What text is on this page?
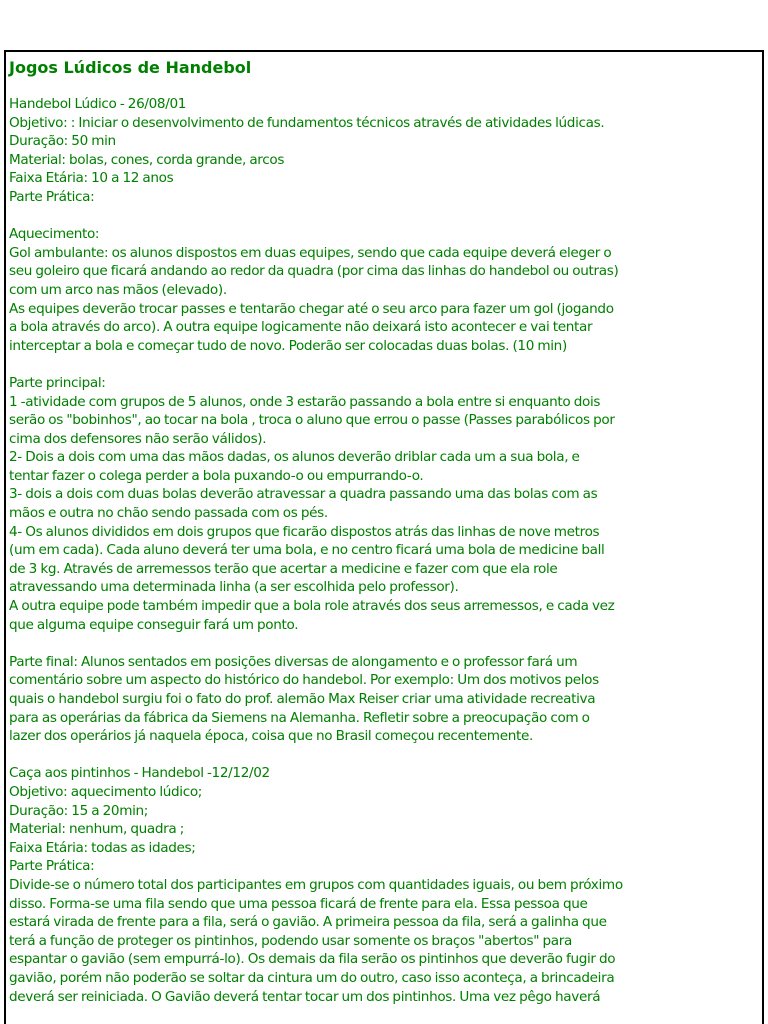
Jogos Lúdicos de Handebol
Handebol Lúdico - 26/08/01
Objetivo: : Iniciar o desenvolvimento de fundamentos técnicos através de atividades lúdicas.
Duração: 50 min
Material: bolas, cones, corda grande, arcos
Faixa Etária: 10 a 12 anos
Parte Prática:
Aquecimento:
Gol ambulante: os alunos dispostos em duas equipes, sendo que cada equipe deverá eleger o
seu goleiro que ficará andando ao redor da quadra (por cima das linhas do handebol ou outras)
com um arco nas mãos (elevado).
As equipes deverão trocar passes e tentarão chegar até o seu arco para fazer um gol (jogando
a bola através do arco). A outra equipe logicamente não deixará isto acontecer e vai tentar
interceptar a bola e começar tudo de novo. Poderão ser colocadas duas bolas. (10 min)
Parte principal:
1 -atividade com grupos de 5 alunos, onde 3 estarão passando a bola entre si enquanto dois
serão os "bobinhos", ao tocar na bola , troca o aluno que errou o passe (Passes parabólicos por
cima dos defensores não serão válidos).
2- Dois a dois com uma das mãos dadas, os alunos deverão driblar cada um a sua bola, e
tentar fazer o colega perder a bola puxando-o ou empurrando-o.
3- dois a dois com duas bolas deverão atravessar a quadra passando uma das bolas com as
mãos e outra no chão sendo passada com os pés.
4- Os alunos divididos em dois grupos que ficarão dispostos atrás das linhas de nove metros
(um em cada). Cada aluno deverá ter uma bola, e no centro ficará uma bola de medicine ball
de 3 kg. Através de arremessos terão que acertar a medicine e fazer com que ela role
atravessando uma determinada linha (a ser escolhida pelo professor).
A outra equipe pode também impedir que a bola role através dos seus arremessos, e cada vez
que alguma equipe conseguir fará um ponto.
Parte final: Alunos sentados em posições diversas de alongamento e o professor fará um
comentário sobre um aspecto do histórico do handebol. Por exemplo: Um dos motivos pelos
quais o handebol surgiu foi o fato do prof. alemão Max Reiser criar uma atividade recreativa
para as operárias da fábrica da Siemens na Alemanha. Refletir sobre a preocupação com o
lazer dos operários já naquela época, coisa que no Brasil começou recentemente.
Caça aos pintinhos - Handebol -12/12/02
Objetivo: aquecimento lúdico;
Duração: 15 a 20min;
Material: nenhum, quadra ;
Faixa Etária: todas as idades;
Parte Prática:
Divide-se o número total dos participantes em grupos com quantidades iguais, ou bem próximo
disso. Forma-se uma fila sendo que uma pessoa ficará de frente para ela. Essa pessoa que
estará virada de frente para a fila, será o gavião. A primeira pessoa da fila, será a galinha que
terá a função de proteger os pintinhos, podendo usar somente os braços "abertos" para
espantar o gavião (sem empurrá-lo). Os demais da fila serão os pintinhos que deverão fugir do
gavião, porém não poderão se soltar da cintura um do outro, caso isso aconteça, a brincadeira
deverá ser reiniciada. O Gavião deverá tentar tocar um dos pintinhos. Uma vez pêgo haverá
